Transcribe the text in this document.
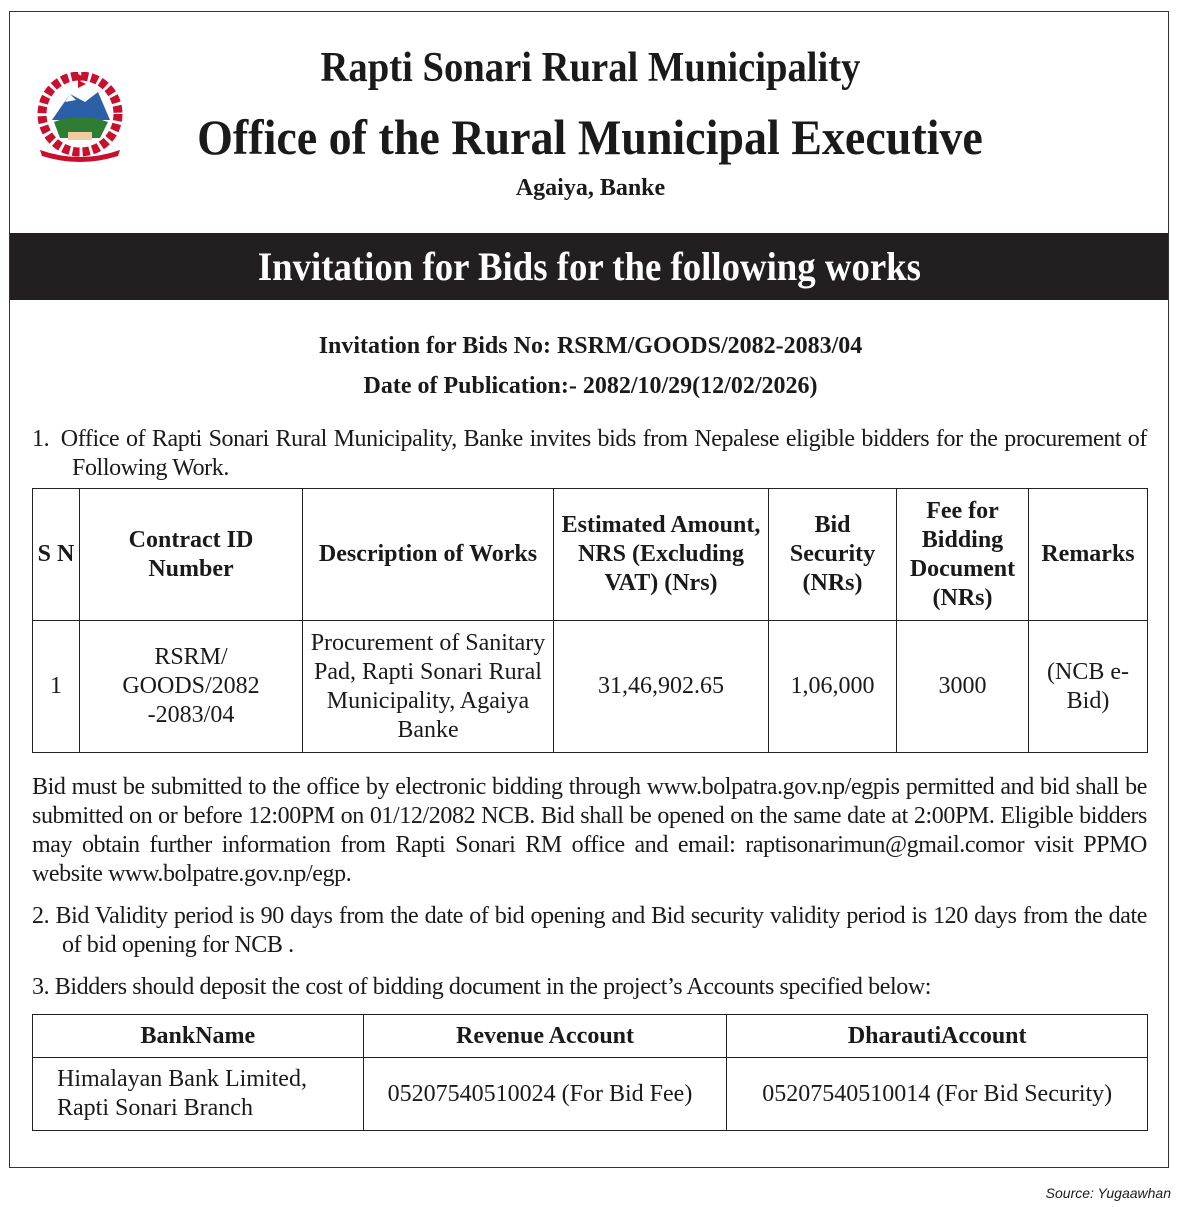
Rapti Sonari Rural Municipality
Office of the Rural Municipal Executive
Agaiya, Banke
Invitation for Bids for the following works
Invitation for Bids No: RSRM/GOODS/2082-2083/04
Date of Publication:- 2082/10/29(12/02/2026)
1. Office of Rapti Sonari Rural Municipality, Banke invites bids from Nepalese eligible bidders for the procurement of Following Work.
S N	Contract ID Number	Description of Works	Estimated Amount, NRS (Excluding VAT) (Nrs)	Bid Security (NRs)	Fee for Bidding Document (NRs)	Remarks
1	RSRM/ GOODS/2082 -2083/04	Procurement of Sanitary Pad, Rapti Sonari Rural Municipality, Agaiya Banke	31,46,902.65	1,06,000	3000	(NCB e-Bid)
Bid must be submitted to the office by electronic bidding through www.bolpatra.gov.np/egpis permitted and bid shall be submitted on or before 12:00PM on 01/12/2082 NCB. Bid shall be opened on the same date at 2:00PM. Eligible bidders may obtain further information from Rapti Sonari RM office and email: raptisonarimun@gmail.comor visit PPMO website www.bolpatre.gov.np/egp.
2. Bid Validity period is 90 days from the date of bid opening and Bid security validity period is 120 days from the date of bid opening for NCB .
3. Bidders should deposit the cost of bidding document in the project’s Accounts specified below:
BankName	Revenue Account	DharautiAccount
Himalayan Bank Limited, Rapti Sonari Branch	05207540510024 (For Bid Fee)	05207540510014 (For Bid Security)
Source: Yugaawhan
